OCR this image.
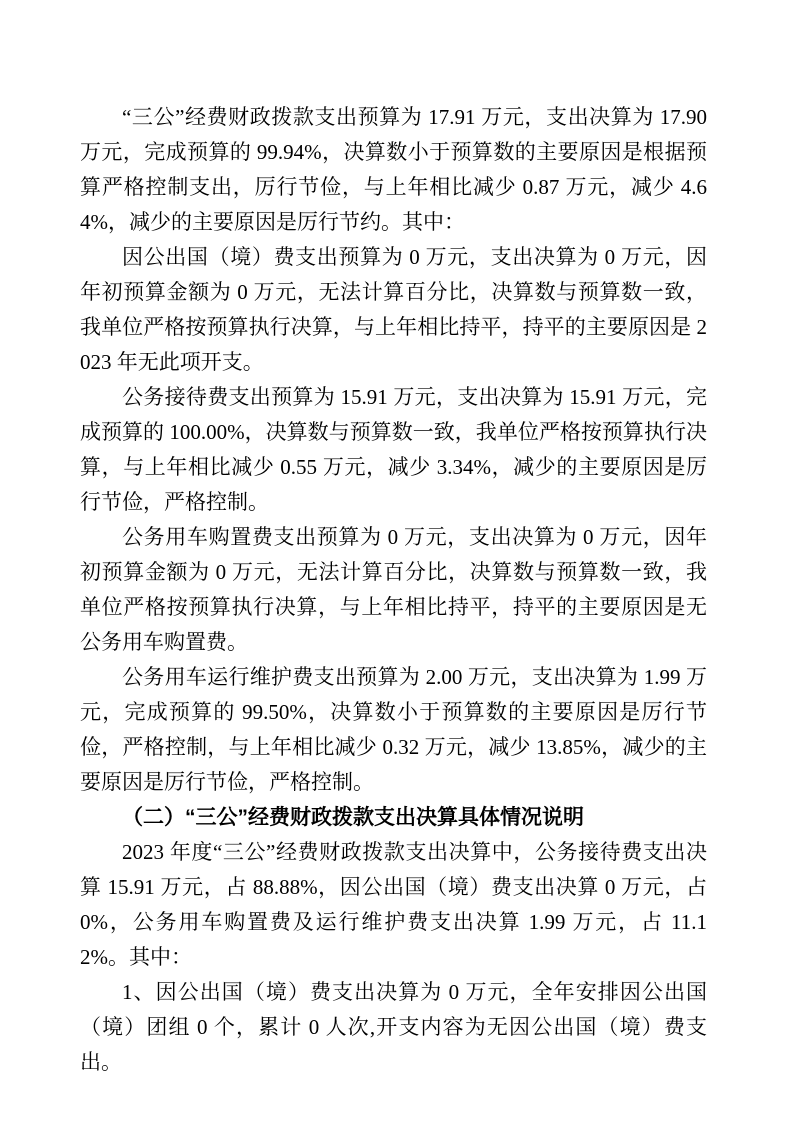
“三公”经费财政拨款支出预算为 17.91 万元，支出决算为 17.90 万元，完成预算的 99.94%，决算数小于预算数的主要原因是根据预算严格控制支出，厉行节俭，与上年相比减少 0.87 万元，减少 4.64%，减少的主要原因是厉行节约。其中：

因公出国（境）费支出预算为 0 万元，支出决算为 0 万元，因年初预算金额为 0 万元，无法计算百分比，决算数与预算数一致，我单位严格按预算执行决算，与上年相比持平，持平的主要原因是 2023 年无此项开支。

公务接待费支出预算为 15.91 万元，支出决算为 15.91 万元，完成预算的 100.00%，决算数与预算数一致，我单位严格按预算执行决算，与上年相比减少 0.55 万元，减少 3.34%，减少的主要原因是厉行节俭，严格控制。

公务用车购置费支出预算为 0 万元，支出决算为 0 万元，因年初预算金额为 0 万元，无法计算百分比，决算数与预算数一致，我单位严格按预算执行决算，与上年相比持平，持平的主要原因是无公务用车购置费。

公务用车运行维护费支出预算为 2.00 万元，支出决算为 1.99 万元，完成预算的 99.50%，决算数小于预算数的主要原因是厉行节俭，严格控制，与上年相比减少 0.32 万元，减少 13.85%，减少的主要原因是厉行节俭，严格控制。

（二）“三公”经费财政拨款支出决算具体情况说明

2023 年度“三公”经费财政拨款支出决算中，公务接待费支出决算 15.91 万元，占 88.88%，因公出国（境）费支出决算 0 万元，占 0%，公务用车购置费及运行维护费支出决算 1.99 万元，占 11.12%。其中：

1、因公出国（境）费支出决算为 0 万元，全年安排因公出国（境）团组 0 个，累计 0 人次,开支内容为无因公出国（境）费支出。
